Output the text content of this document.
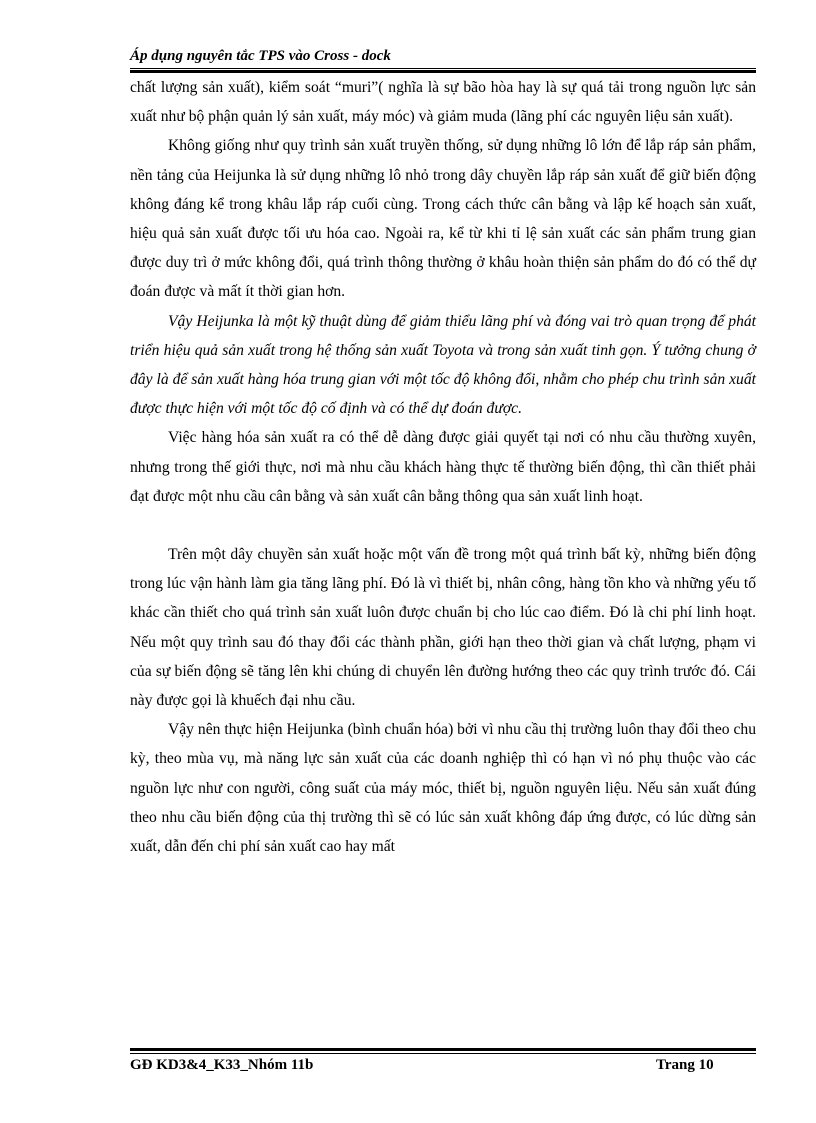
Áp dụng nguyên tắc TPS vào Cross - dock

chất lượng sản xuất), kiểm soát “muri”( nghĩa là sự bão hòa hay là sự quá tải trong nguồn lực sản xuất như bộ phận quản lý sản xuất, máy móc) và giảm muda (lãng phí các nguyên liệu sản xuất).

Không giống như quy trình sản xuất truyền thống, sử dụng những lô lớn để lắp ráp sản phẩm, nền tảng của Heijunka là sử dụng những lô nhỏ trong dây chuyền lắp ráp sản xuất để giữ biến động không đáng kể trong khâu lắp ráp cuối cùng. Trong cách thức cân bằng và lập kế hoạch sản xuất, hiệu quả sản xuất được tối ưu hóa cao. Ngoài ra, kể từ khi tỉ lệ sản xuất các sản phẩm trung gian được duy trì ở mức không đổi, quá trình thông thường ở khâu hoàn thiện sản phẩm do đó có thể dự đoán được và mất ít thời gian hơn.

Vậy Heijunka là một kỹ thuật dùng để giảm thiểu lãng phí và đóng vai trò quan trọng để phát triển hiệu quả sản xuất trong hệ thống sản xuất Toyota và trong sản xuất tinh gọn. Ý tưởng chung ở đây là để sản xuất hàng hóa trung gian với một tốc độ không đổi, nhằm cho phép chu trình sản xuất được thực hiện với một tốc độ cố định và có thể dự đoán được.

Việc hàng hóa sản xuất ra có thể dễ dàng được giải quyết tại nơi có nhu cầu thường xuyên, nhưng trong thế giới thực, nơi mà nhu cầu khách hàng thực tế thường biến động, thì cần thiết phải đạt được một nhu cầu cân bằng và sản xuất cân bằng thông qua sản xuất linh hoạt.

Trên một dây chuyền sản xuất hoặc một vấn đề trong một quá trình bất kỳ, những biến động trong lúc vận hành làm gia tăng lãng phí. Đó là vì thiết bị, nhân công, hàng tồn kho và những yếu tố khác cần thiết cho quá trình sản xuất luôn được chuẩn bị cho lúc cao điểm. Đó là chi phí linh hoạt. Nếu một quy trình sau đó thay đổi các thành phần, giới hạn theo thời gian và chất lượng, phạm vi của sự biến động sẽ tăng lên khi chúng di chuyển lên đường hướng theo các quy trình trước đó. Cái này được gọi là khuếch đại nhu cầu.

Vậy nên thực hiện Heijunka (bình chuẩn hóa) bởi vì nhu cầu thị trường luôn thay đổi theo chu kỳ, theo mùa vụ, mà năng lực sản xuất của các doanh nghiệp thì có hạn vì nó phụ thuộc vào các nguồn lực như con người, công suất của máy móc, thiết bị, nguồn nguyên liệu. Nếu sản xuất đúng theo nhu cầu biến động của thị trường thì sẽ có lúc sản xuất không đáp ứng được, có lúc dừng sản xuất, dẫn đến chi phí sản xuất cao hay mất

GĐ KD3&4_K33_Nhóm 11b	Trang 10
